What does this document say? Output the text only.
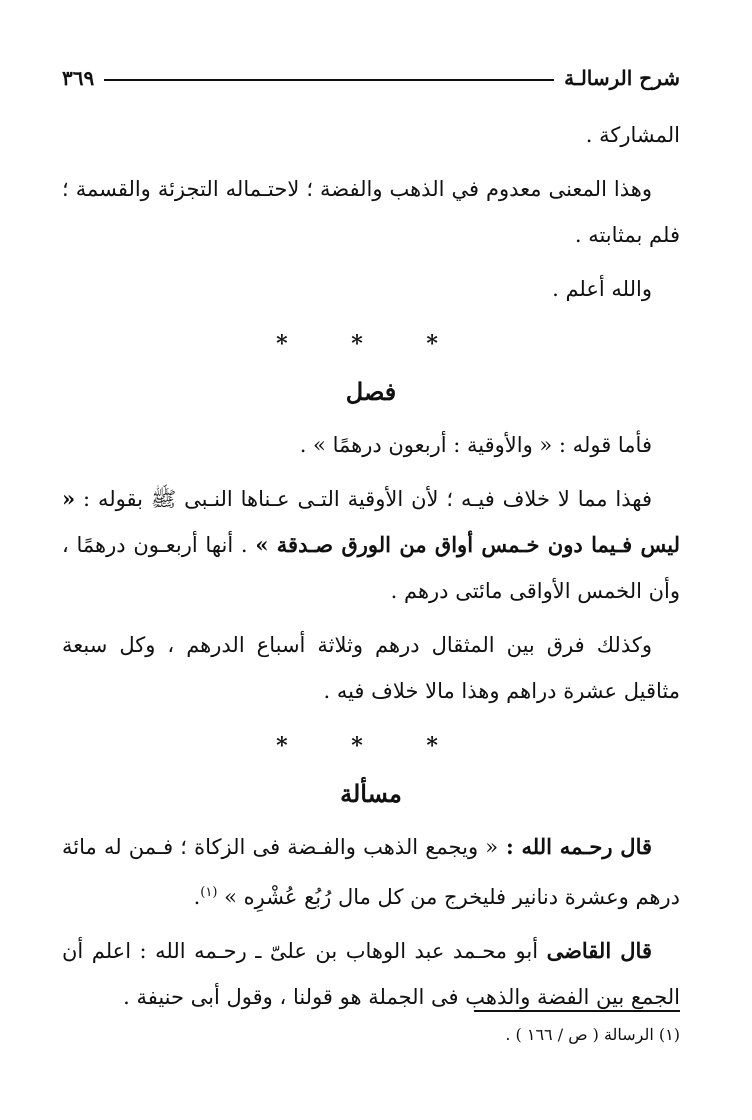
شرح الرسالـة
٣٦٩

المشاركة .

وهذا المعنى معدوم في الذهب والفضة ؛ لاحتـماله التجزئة والقسمة ؛ فلم بمثابته .

والله أعلم .

* * *
فصل

فأما قوله : « والأوقية : أربعون درهمًا » .

فهذا مما لا خلاف فيـه ؛ لأن الأوقية التـى عـناها النـبى ﷺ بقوله : « ليس فـيما دون خـمس أواق من الورق صـدقة » . أنها أربعـون درهمًا ، وأن الخمس الأواقى مائتى درهم .

وكذلك فرق بين المثقال درهم وثلاثة أسباع الدرهم ، وكل سبعة مثاقيل عشرة دراهم وهذا مالا خلاف فيه .

* * *
مسألة

قال رحـمه الله : « ويجمع الذهب والفـضة فى الزكاة ؛ فـمن له مائة درهم وعشرة دنانير فليخرج من كل مال رُبُع عُشْرِه » $^{(١)}$.

قال القاضى أبو محـمد عبد الوهاب بن علىّ ـ رحـمه الله : اعلم أن الجمع بين الفضة والذهب فى الجملة هو قولنا ، وقول أبى حنيفة .

(١) الرسالة ( ص / ١٦٦ ) .
